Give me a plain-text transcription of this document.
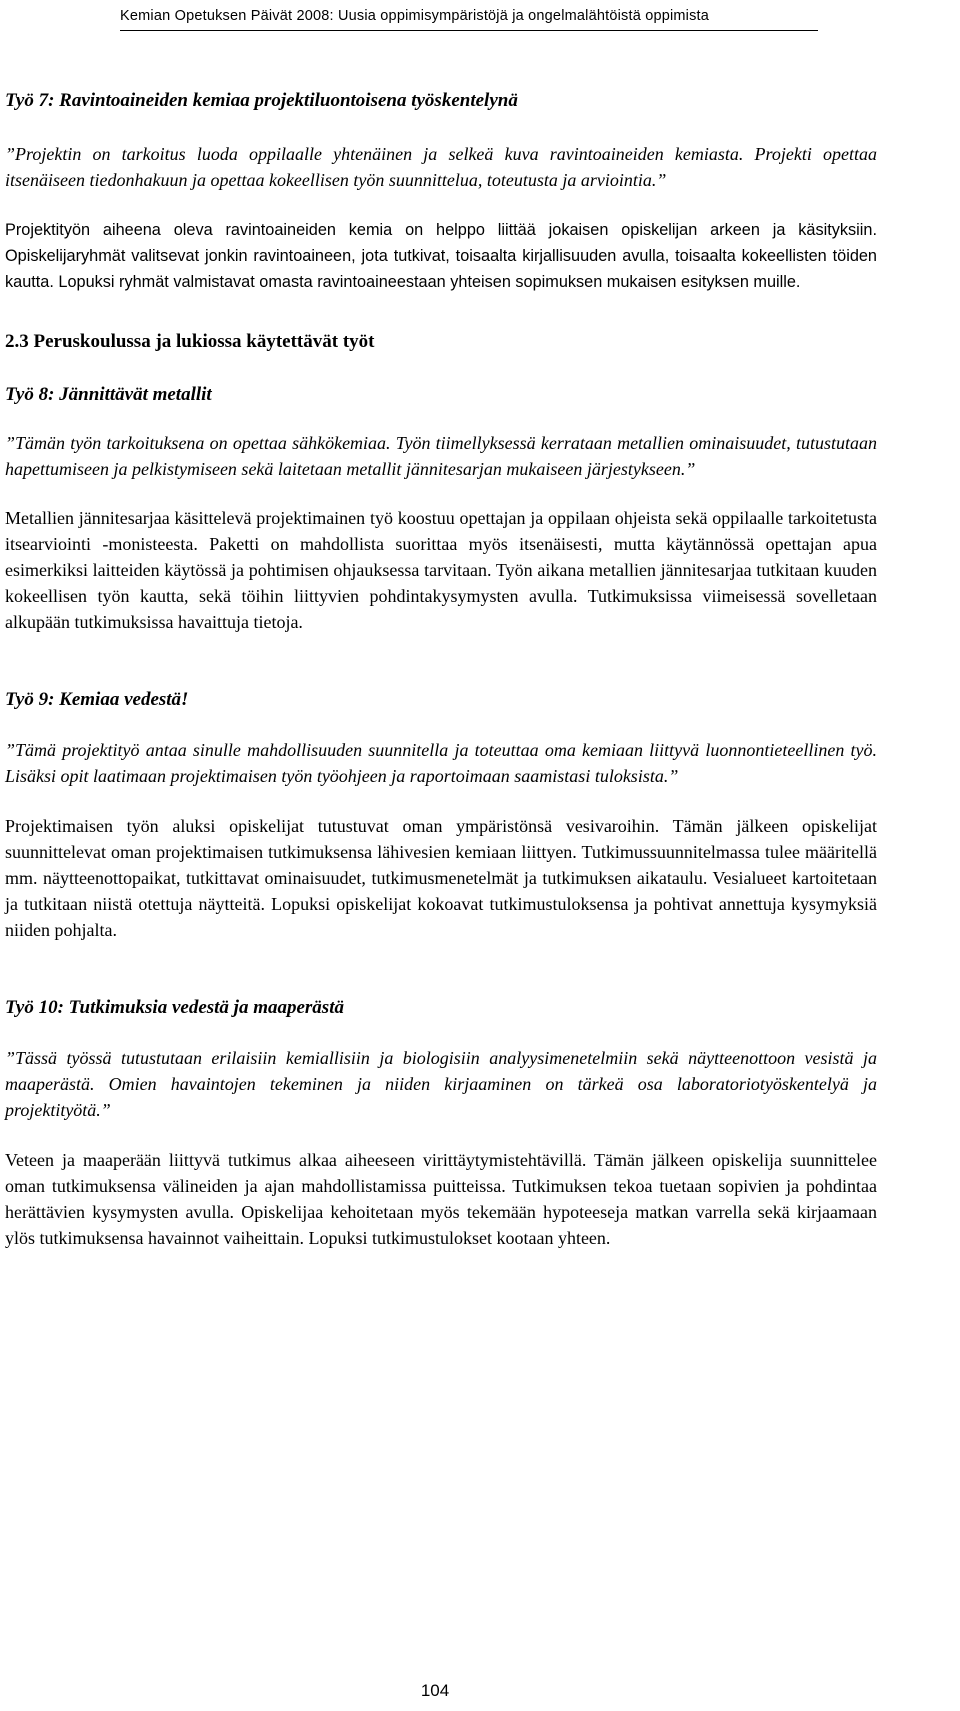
Kemian Opetuksen Päivät 2008: Uusia oppimisympäristöjä ja ongelmalähtöistä oppimista
Työ 7: Ravintoaineiden kemiaa projektiluontoisena työskentelynä

”Projektin on tarkoitus luoda oppilaalle yhtenäinen ja selkeä kuva ravintoaineiden kemiasta. Projekti opettaa itsenäiseen tiedonhakuun ja opettaa kokeellisen työn suunnittelua, toteutusta ja arviointia.”

Projektityön aiheena oleva ravintoaineiden kemia on helppo liittää jokaisen opiskelijan arkeen ja käsityksiin. Opiskelijaryhmät valitsevat jonkin ravintoaineen, jota tutkivat, toisaalta kirjallisuuden avulla, toisaalta kokeellisten töiden kautta. Lopuksi ryhmät valmistavat omasta ravintoaineestaan yhteisen sopimuksen mukaisen esityksen muille.

2.3 Peruskoulussa ja lukiossa käytettävät työt
Työ 8: Jännittävät metallit

”Tämän työn tarkoituksena on opettaa sähkökemiaa. Työn tiimellyksessä kerrataan metallien ominaisuudet, tutustutaan hapettumiseen ja pelkistymiseen sekä laitetaan metallit jännitesarjan mukaiseen järjestykseen.”

Metallien jännitesarjaa käsittelevä projektimainen työ koostuu opettajan ja oppilaan ohjeista sekä oppilaalle tarkoitetusta itsearviointi -monisteesta. Paketti on mahdollista suorittaa myös itsenäisesti, mutta käytännössä opettajan apua esimerkiksi laitteiden käytössä ja pohtimisen ohjauksessa tarvitaan. Työn aikana metallien jännitesarjaa tutkitaan kuuden kokeellisen työn kautta, sekä töihin liittyvien pohdintakysymysten avulla. Tutkimuksissa viimeisessä sovelletaan alkupään tutkimuksissa havaittuja tietoja.

Työ 9: Kemiaa vedestä!

”Tämä projektityö antaa sinulle mahdollisuuden suunnitella ja toteuttaa oma kemiaan liittyvä luonnontieteellinen työ. Lisäksi opit laatimaan projektimaisen työn työohjeen ja raportoimaan saamistasi tuloksista.”

Projektimaisen työn aluksi opiskelijat tutustuvat oman ympäristönsä vesivaroihin. Tämän jälkeen opiskelijat suunnittelevat oman projektimaisen tutkimuksensa lähivesien kemiaan liittyen. Tutkimussuunnitelmassa tulee määritellä mm. näytteenottopaikat, tutkittavat ominaisuudet, tutkimusmenetelmät ja tutkimuksen aikataulu. Vesialueet kartoitetaan ja tutkitaan niistä otettuja näytteitä. Lopuksi opiskelijat kokoavat tutkimustuloksensa ja pohtivat annettuja kysymyksiä niiden pohjalta.

Työ 10: Tutkimuksia vedestä ja maaperästä

”Tässä työssä tutustutaan erilaisiin kemiallisiin ja biologisiin analyysimenetelmiin sekä näytteenottoon vesistä ja maaperästä. Omien havaintojen tekeminen ja niiden kirjaaminen on tärkeä osa laboratoriotyöskentelyä ja projektityötä.”

Veteen ja maaperään liittyvä tutkimus alkaa aiheeseen virittäytymistehtävillä. Tämän jälkeen opiskelija suunnittelee oman tutkimuksensa välineiden ja ajan mahdollistamissa puitteissa. Tutkimuksen tekoa tuetaan sopivien ja pohdintaa herättävien kysymysten avulla. Opiskelijaa kehoitetaan myös tekemään hypoteeseja matkan varrella sekä kirjaamaan ylös tutkimuksensa havainnot vaiheittain. Lopuksi tutkimustulokset kootaan yhteen.

104
